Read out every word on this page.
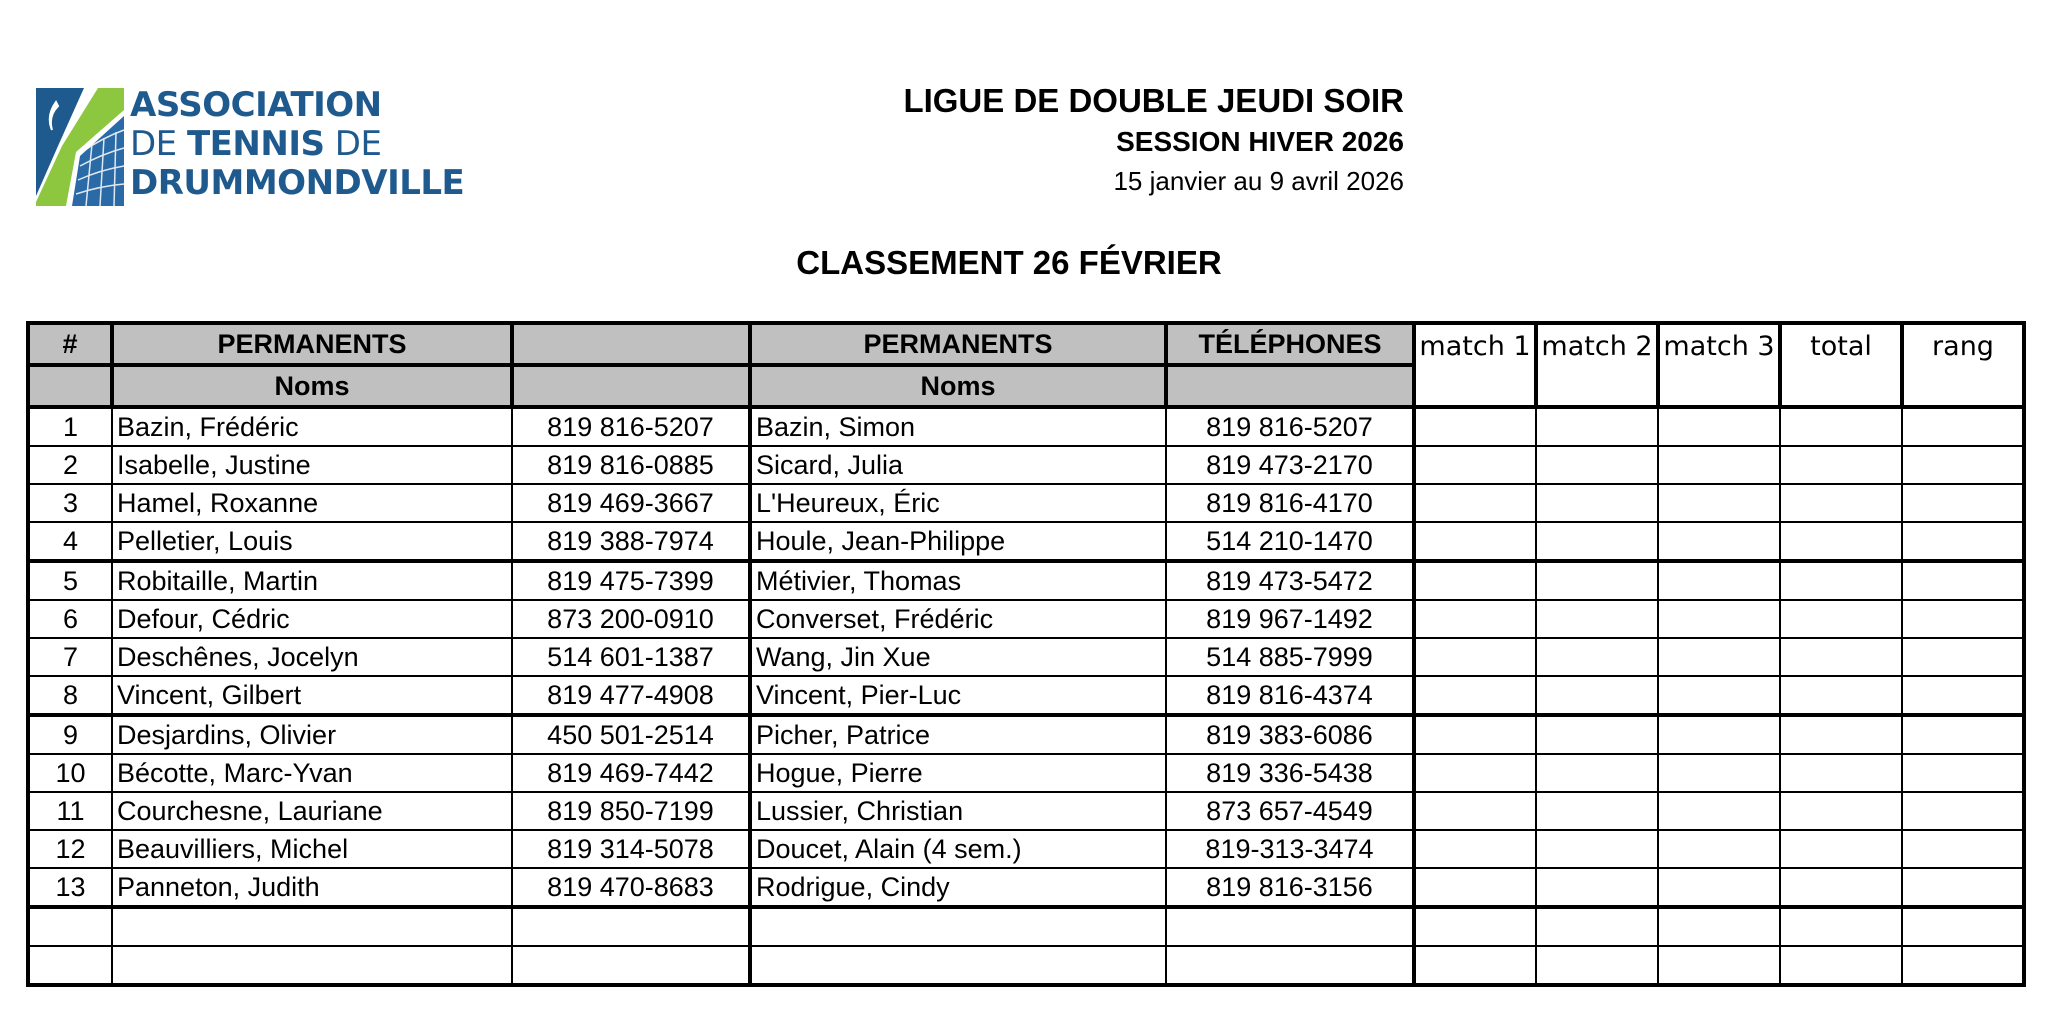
ASSOCIATION
DE TENNIS DE
DRUMMONDVILLE
LIGUE DE DOUBLE JEUDI SOIR
SESSION HIVER 2026
15 janvier au 9 avril 2026
CLASSEMENT 26 FÉVRIER
#	PERMANENTS		PERMANENTS	TÉLÉPHONES	match 1	match 2	match 3	total	rang
	Noms		Noms						
1	Bazin, Frédéric	819 816-5207	Bazin, Simon	819 816-5207					
2	Isabelle, Justine	819 816-0885	Sicard, Julia	819 473-2170					
3	Hamel, Roxanne	819 469-3667	L'Heureux, Éric	819 816-4170					
4	Pelletier, Louis	819 388-7974	Houle, Jean-Philippe	514 210-1470					
5	Robitaille, Martin	819 475-7399	Métivier, Thomas	819 473-5472					
6	Defour, Cédric	873 200-0910	Converset, Frédéric	819 967-1492					
7	Deschênes, Jocelyn	514 601-1387	Wang, Jin Xue	514 885-7999					
8	Vincent, Gilbert	819 477-4908	Vincent, Pier-Luc	819 816-4374					
9	Desjardins, Olivier	450 501-2514	Picher, Patrice	819 383-6086					
10	Bécotte, Marc-Yvan	819 469-7442	Hogue, Pierre	819 336-5438					
11	Courchesne, Lauriane	819 850-7199	Lussier, Christian	873 657-4549					
12	Beauvilliers, Michel	819 314-5078	Doucet, Alain (4 sem.)	819-313-3474					
13	Panneton, Judith	819 470-8683	Rodrigue, Cindy	819 816-3156					
